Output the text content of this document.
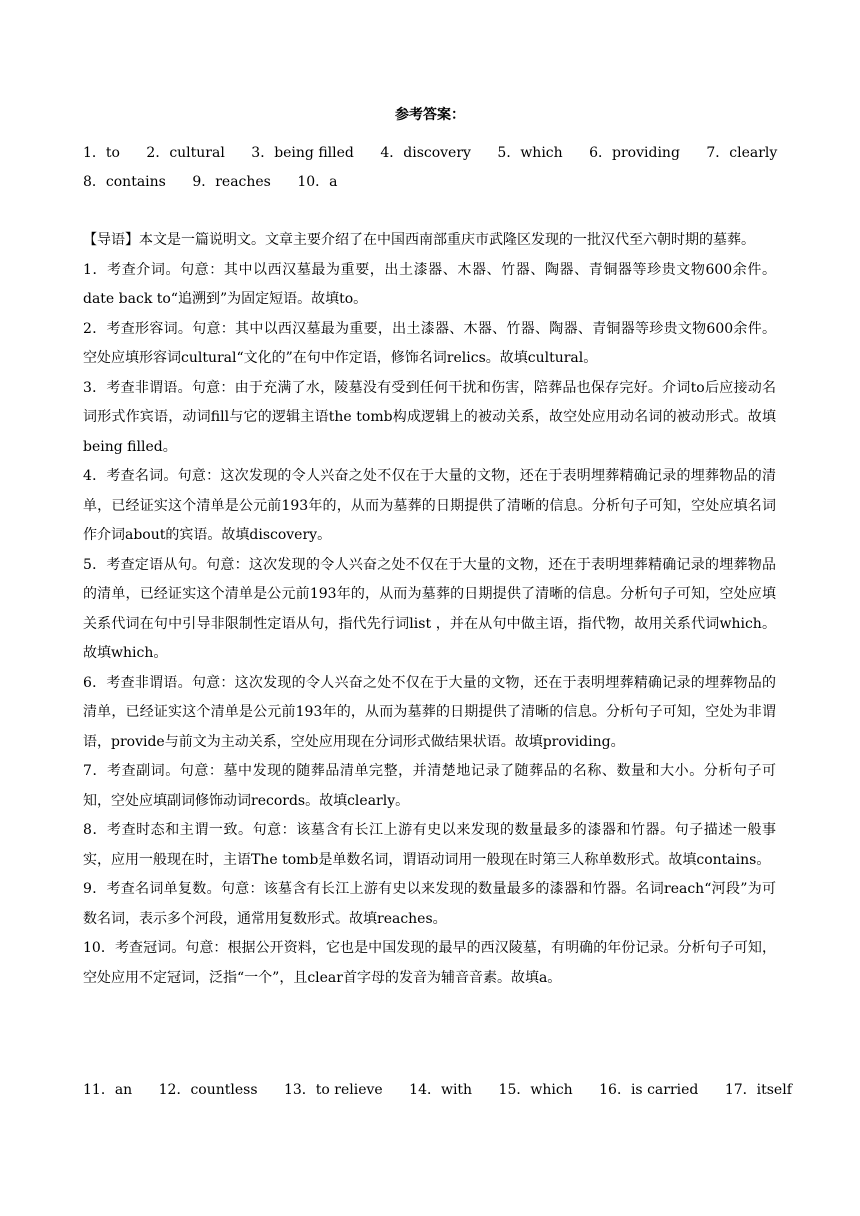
参考答案：
1．to 2．cultural 3．being filled 4．discovery 5．which 6．providing 7．clearly
8．contains 9．reaches 10．a

【导语】本文是一篇说明文。文章主要介绍了在中国西南部重庆市武隆区发现的一批汉代至六朝时期的墓葬。

1．考查介词。句意：其中以西汉墓最为重要，出土漆器、木器、竹器、陶器、青铜器等珍贵文物600余件。date back to“追溯到”为固定短语。故填to。

2．考查形容词。句意：其中以西汉墓最为重要，出土漆器、木器、竹器、陶器、青铜器等珍贵文物600余件。空处应填形容词cultural“文化的”在句中作定语，修饰名词relics。故填cultural。

3．考查非谓语。句意：由于充满了水，陵墓没有受到任何干扰和伤害，陪葬品也保存完好。介词to后应接动名词形式作宾语，动词fill与它的逻辑主语the tomb构成逻辑上的被动关系，故空处应用动名词的被动形式。故填being filled。

4．考查名词。句意：这次发现的令人兴奋之处不仅在于大量的文物，还在于表明埋葬精确记录的埋葬物品的清单，已经证实这个清单是公元前193年的，从而为墓葬的日期提供了清晰的信息。分析句子可知，空处应填名词作介词about的宾语。故填discovery。

5．考查定语从句。句意：这次发现的令人兴奋之处不仅在于大量的文物，还在于表明埋葬精确记录的埋葬物品的清单，已经证实这个清单是公元前193年的，从而为墓葬的日期提供了清晰的信息。分析句子可知，空处应填关系代词在句中引导非限制性定语从句，指代先行词list ，并在从句中做主语，指代物，故用关系代词which。故填which。

6．考查非谓语。句意：这次发现的令人兴奋之处不仅在于大量的文物，还在于表明埋葬精确记录的埋葬物品的清单，已经证实这个清单是公元前193年的，从而为墓葬的日期提供了清晰的信息。分析句子可知，空处为非谓语，provide与前文为主动关系，空处应用现在分词形式做结果状语。故填providing。

7．考查副词。句意：墓中发现的随葬品清单完整，并清楚地记录了随葬品的名称、数量和大小。分析句子可知，空处应填副词修饰动词records。故填clearly。

8．考查时态和主谓一致。句意：该墓含有长江上游有史以来发现的数量最多的漆器和竹器。句子描述一般事实，应用一般现在时，主语The tomb是单数名词，谓语动词用一般现在时第三人称单数形式。故填contains。

9．考查名词单复数。句意：该墓含有长江上游有史以来发现的数量最多的漆器和竹器。名词reach“河段”为可数名词，表示多个河段，通常用复数形式。故填reaches。

10．考查冠词。句意：根据公开资料，它也是中国发现的最早的西汉陵墓，有明确的年份记录。分析句子可知，空处应用不定冠词，泛指“一个”，且clear首字母的发音为辅音音素。故填a。

11．an 12．countless 13．to relieve 14．with 15．which 16．is carried 17．itself
